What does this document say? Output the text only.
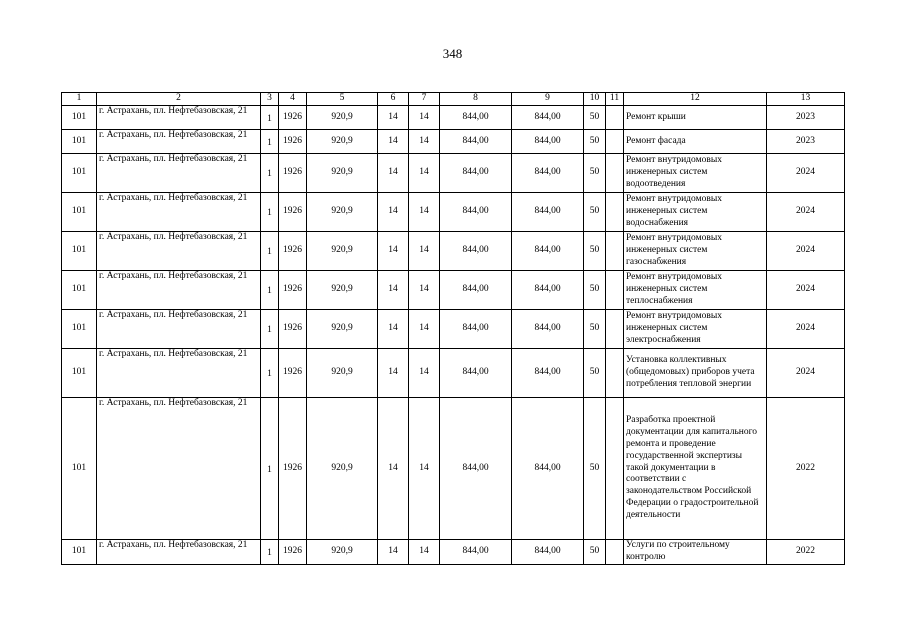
348
1	2	3	4	5	6	7	8	9	10	11	12	13
101	г. Астрахань, пл. Нефтебазовская, 21	1	1926	920,9	14	14	844,00	844,00	50		Ремонт крыши	2023
101	г. Астрахань, пл. Нефтебазовская, 21	1	1926	920,9	14	14	844,00	844,00	50		Ремонт фасада	2023
101	г. Астрахань, пл. Нефтебазовская, 21	1	1926	920,9	14	14	844,00	844,00	50		Ремонт внутридомовых инженерных систем водоотведения	2024
101	г. Астрахань, пл. Нефтебазовская, 21	1	1926	920,9	14	14	844,00	844,00	50		Ремонт внутридомовых инженерных систем водоснабжения	2024
101	г. Астрахань, пл. Нефтебазовская, 21	1	1926	920,9	14	14	844,00	844,00	50		Ремонт внутридомовых инженерных систем газоснабжения	2024
101	г. Астрахань, пл. Нефтебазовская, 21	1	1926	920,9	14	14	844,00	844,00	50		Ремонт внутридомовых инженерных систем теплоснабжения	2024
101	г. Астрахань, пл. Нефтебазовская, 21	1	1926	920,9	14	14	844,00	844,00	50		Ремонт внутридомовых инженерных систем электроснабжения	2024
101	г. Астрахань, пл. Нефтебазовская, 21	1	1926	920,9	14	14	844,00	844,00	50		Установка коллективных (общедомовых) приборов учета потребления тепловой энергии	2024
101	г. Астрахань, пл. Нефтебазовская, 21	1	1926	920,9	14	14	844,00	844,00	50		Разработка проектной документации для капитального ремонта и проведение государственной экспертизы такой документации в соответствии с законодательством Российской Федерации о градостроительной деятельности	2022
101	г. Астрахань, пл. Нефтебазовская, 21	1	1926	920,9	14	14	844,00	844,00	50		Услуги по строительному контролю	2022
